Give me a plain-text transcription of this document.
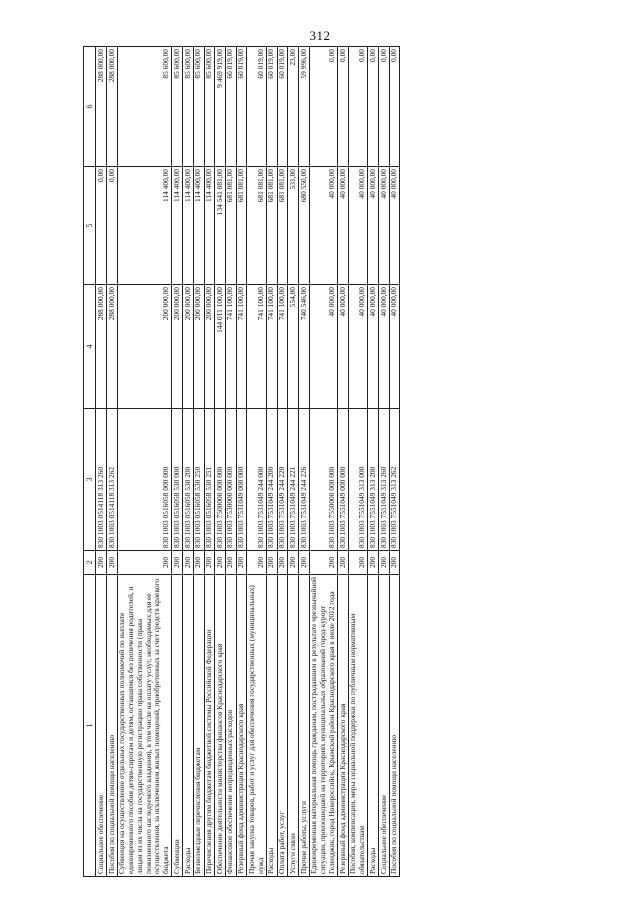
312
1	2	3	4	5	6
Социальное обеспечение	200	830 1003 0514118 313 260	288 000,00	0,00	288 000,00
Пособия по социальной помощи населению	200	830 1003 0514118 313 262	288 000,00	0,00	288 000,00
Субвенция на осуществление отдельных государственных полномочий по выплате единовременного пособия детям-сиротам и детям, оставшимся без попечения родителей, и лицам из их числа на государственную регистрацию права собственности (права пожизненного наследуемого владения), в том числе на оплату услуг, необходимых для ее осуществления, за исключением жилых помещений, приобретенных за счет средств краевого бюджета	200	830 1003 0516058 000 000	200 000,00	114 400,00	85 600,00
Субвенции	200	830 1003 0516058 530 000	200 000,00	114 400,00	85 600,00
Расходы	200	830 1003 0516058 530 200	200 000,00	114 400,00	85 600,00
Безвозмездные перечисления бюджетам	200	830 1003 0516058 530 250	200 000,00	114 400,00	85 600,00
Перечисления другим бюджетам бюджетной системы Российской Федерации	200	830 1003 0516058 530 251	200 000,00	114 400,00	85 600,00
Обеспечение деятельности министерства финансов Краснодарского края	200	830 1003 7500000 000 000	144 011 100,00	134 541 081,00	9 469 919,00
Финансовое обеспечение непредвиденных расходов	200	830 1003 7530000 000 000	741 100,00	681 081,00	60 019,00
Резервный фонд администрации Краснодарского края	200	830 1003 7531049 000 000	741 100,00	681 081,00	60 019,00
Прочая закупка товаров, работ и услуг для обеспечения государственных (муниципальных) нужд	200	830 1003 7531049 244 000	741 100,00	681 081,00	60 019,00
Расходы	200	830 1003 7531049 244 200	741 100,00	681 081,00	60 019,00
Оплата работ, услуг	200	830 1003 7531049 244 220	741 100,00	681 081,00	60 019,00
Услуги связи	200	830 1003 7531049 244 221	554,00	531,00	23,00
Прочие работы, услуги	200	830 1003 7531049 244 226	740 546,00	680 550,00	59 996,00
Единовременная материальная помощь гражданам, пострадавшим в результате чрезвычайной ситуации, произошедшей на территориях муниципальных образований город-курорт Геленджик, город Новороссийск, Крымский район Краснодарского края в июле 2012 года	200	830 1003 7550000 000 000	40 000,00	40 000,00	0,00
Резервный фонд администрации Краснодарского края	200	830 1003 7551049 000 000	40 000,00	40 000,00	0,00
Пособия, компенсации, меры социальной поддержки по публичным нормативным обязательствам	200	830 1003 7551049 313 000	40 000,00	40 000,00	0,00
Расходы	200	830 1003 7551049 313 200	40 000,00	40 000,00	0,00
Социальное обеспечение	200	830 1003 7551049 313 260	40 000,00	40 000,00	0,00
Пособия по социальной помощи населению	200	830 1003 7551049 313 262	40 000,00	40 000,00	0,00
